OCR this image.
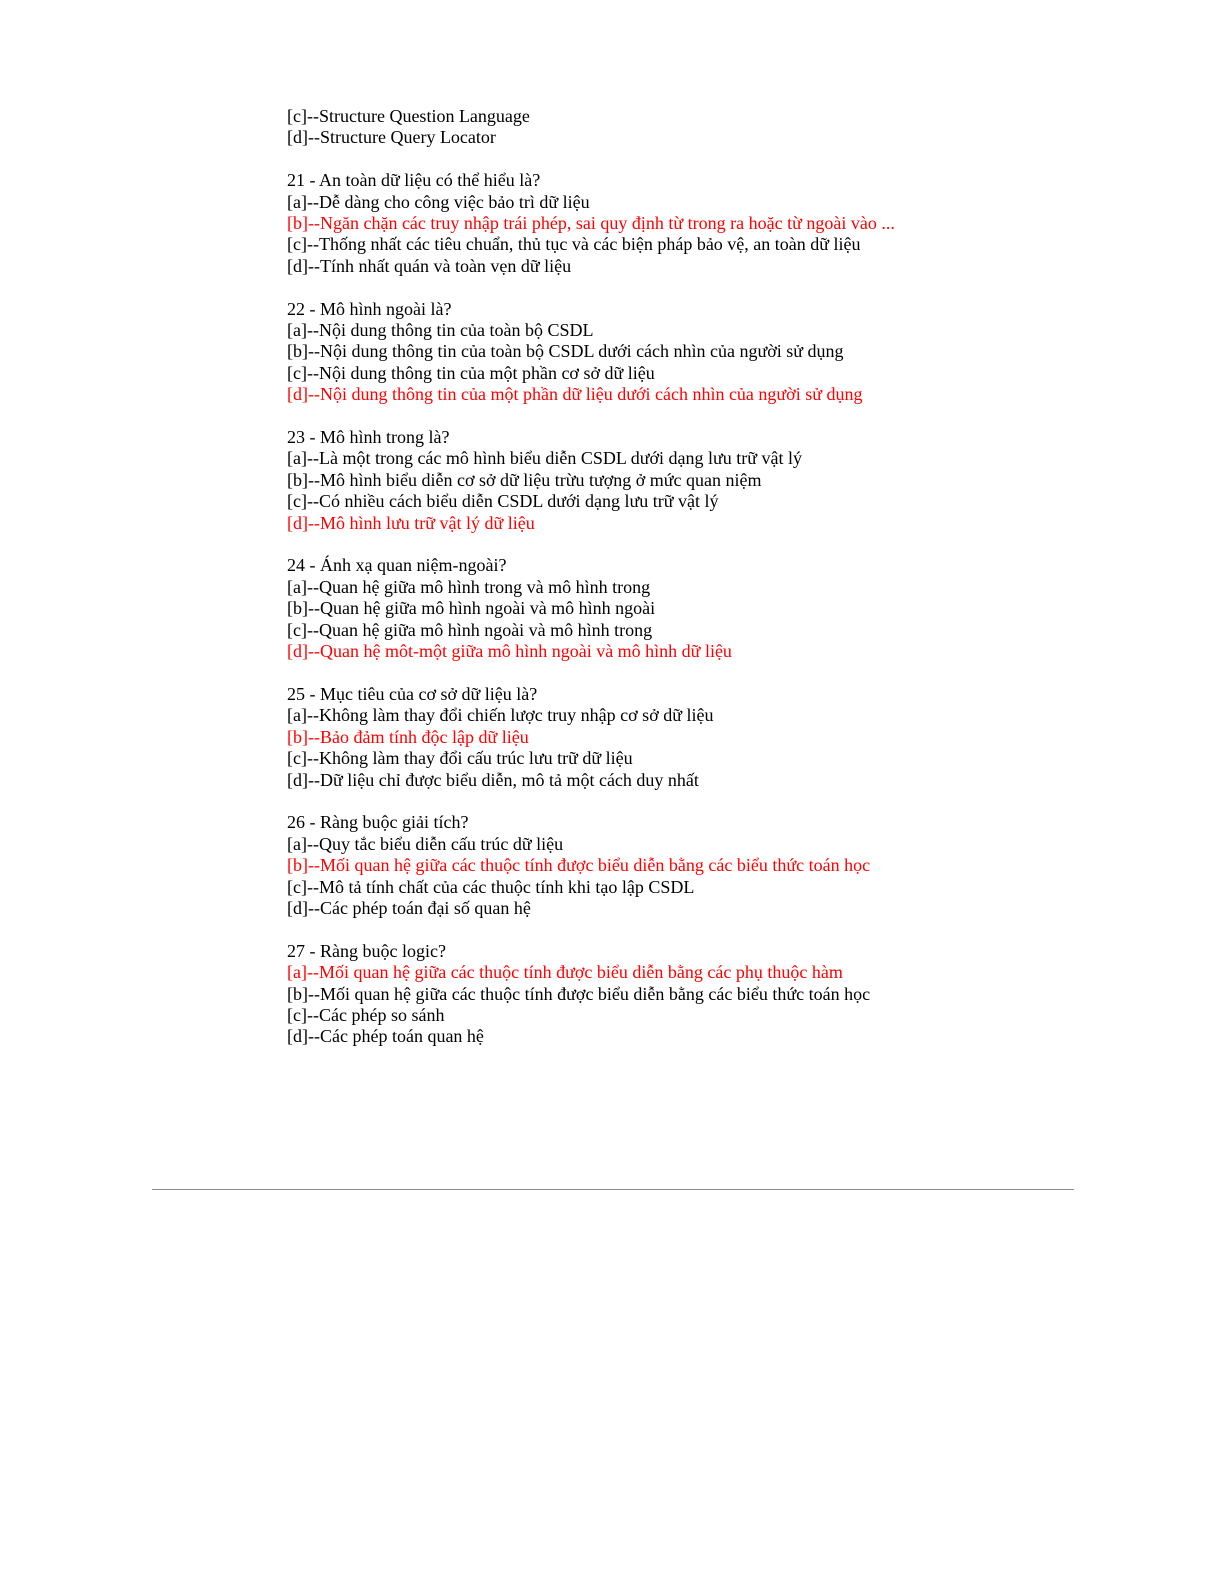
[c]--Structure Question Language
[d]--Structure Query Locator
21 - An toàn dữ liệu có thể hiểu là?
[a]--Dễ dàng cho công việc bảo trì dữ liệu
[b]--Ngăn chặn các truy nhập trái phép, sai quy định từ trong ra hoặc từ ngoài vào ...
[c]--Thống nhất các tiêu chuẩn, thủ tục và các biện pháp bảo vệ, an toàn dữ liệu
[d]--Tính nhất quán và toàn vẹn dữ liệu
22 - Mô hình ngoài là?
[a]--Nội dung thông tin của toàn bộ CSDL
[b]--Nội dung thông tin của toàn bộ CSDL dưới cách nhìn của người sử dụng
[c]--Nội dung thông tin của một phần cơ sở dữ liệu
[d]--Nội dung thông tin của một phần dữ liệu dưới cách nhìn của người sử dụng
23 - Mô hình trong là?
[a]--Là một trong các mô hình biểu diễn CSDL dưới dạng lưu trữ vật lý
[b]--Mô hình biểu diễn cơ sở dữ liệu trừu tượng ở mức quan niệm
[c]--Có nhiều cách biểu diễn CSDL dưới dạng lưu trữ vật lý
[d]--Mô hình lưu trữ vật lý dữ liệu
24 - Ánh xạ quan niệm-ngoài?
[a]--Quan hệ giữa mô hình trong và mô hình trong
[b]--Quan hệ giữa mô hình ngoài và mô hình ngoài
[c]--Quan hệ giữa mô hình ngoài và mô hình trong
[d]--Quan hệ môt-một giữa mô hình ngoài và mô hình dữ liệu
25 - Mục tiêu của cơ sở dữ liệu là?
[a]--Không làm thay đổi chiến lược truy nhập cơ sở dữ liệu
[b]--Bảo đảm tính độc lập dữ liệu
[c]--Không làm thay đổi cấu trúc lưu trữ dữ liệu
[d]--Dữ liệu chỉ được biểu diễn, mô tả một cách duy nhất
26 - Ràng buộc giải tích?
[a]--Quy tắc biểu diễn cấu trúc dữ liệu
[b]--Mối quan hệ giữa các thuộc tính được biểu diễn bằng các biểu thức toán học
[c]--Mô tả tính chất của các thuộc tính khi tạo lập CSDL
[d]--Các phép toán đại số quan hệ
27 - Ràng buộc logic?
[a]--Mối quan hệ giữa các thuộc tính được biểu diễn bằng các phụ thuộc hàm
[b]--Mối quan hệ giữa các thuộc tính được biểu diễn bằng các biểu thức toán học
[c]--Các phép so sánh
[d]--Các phép toán quan hệ
